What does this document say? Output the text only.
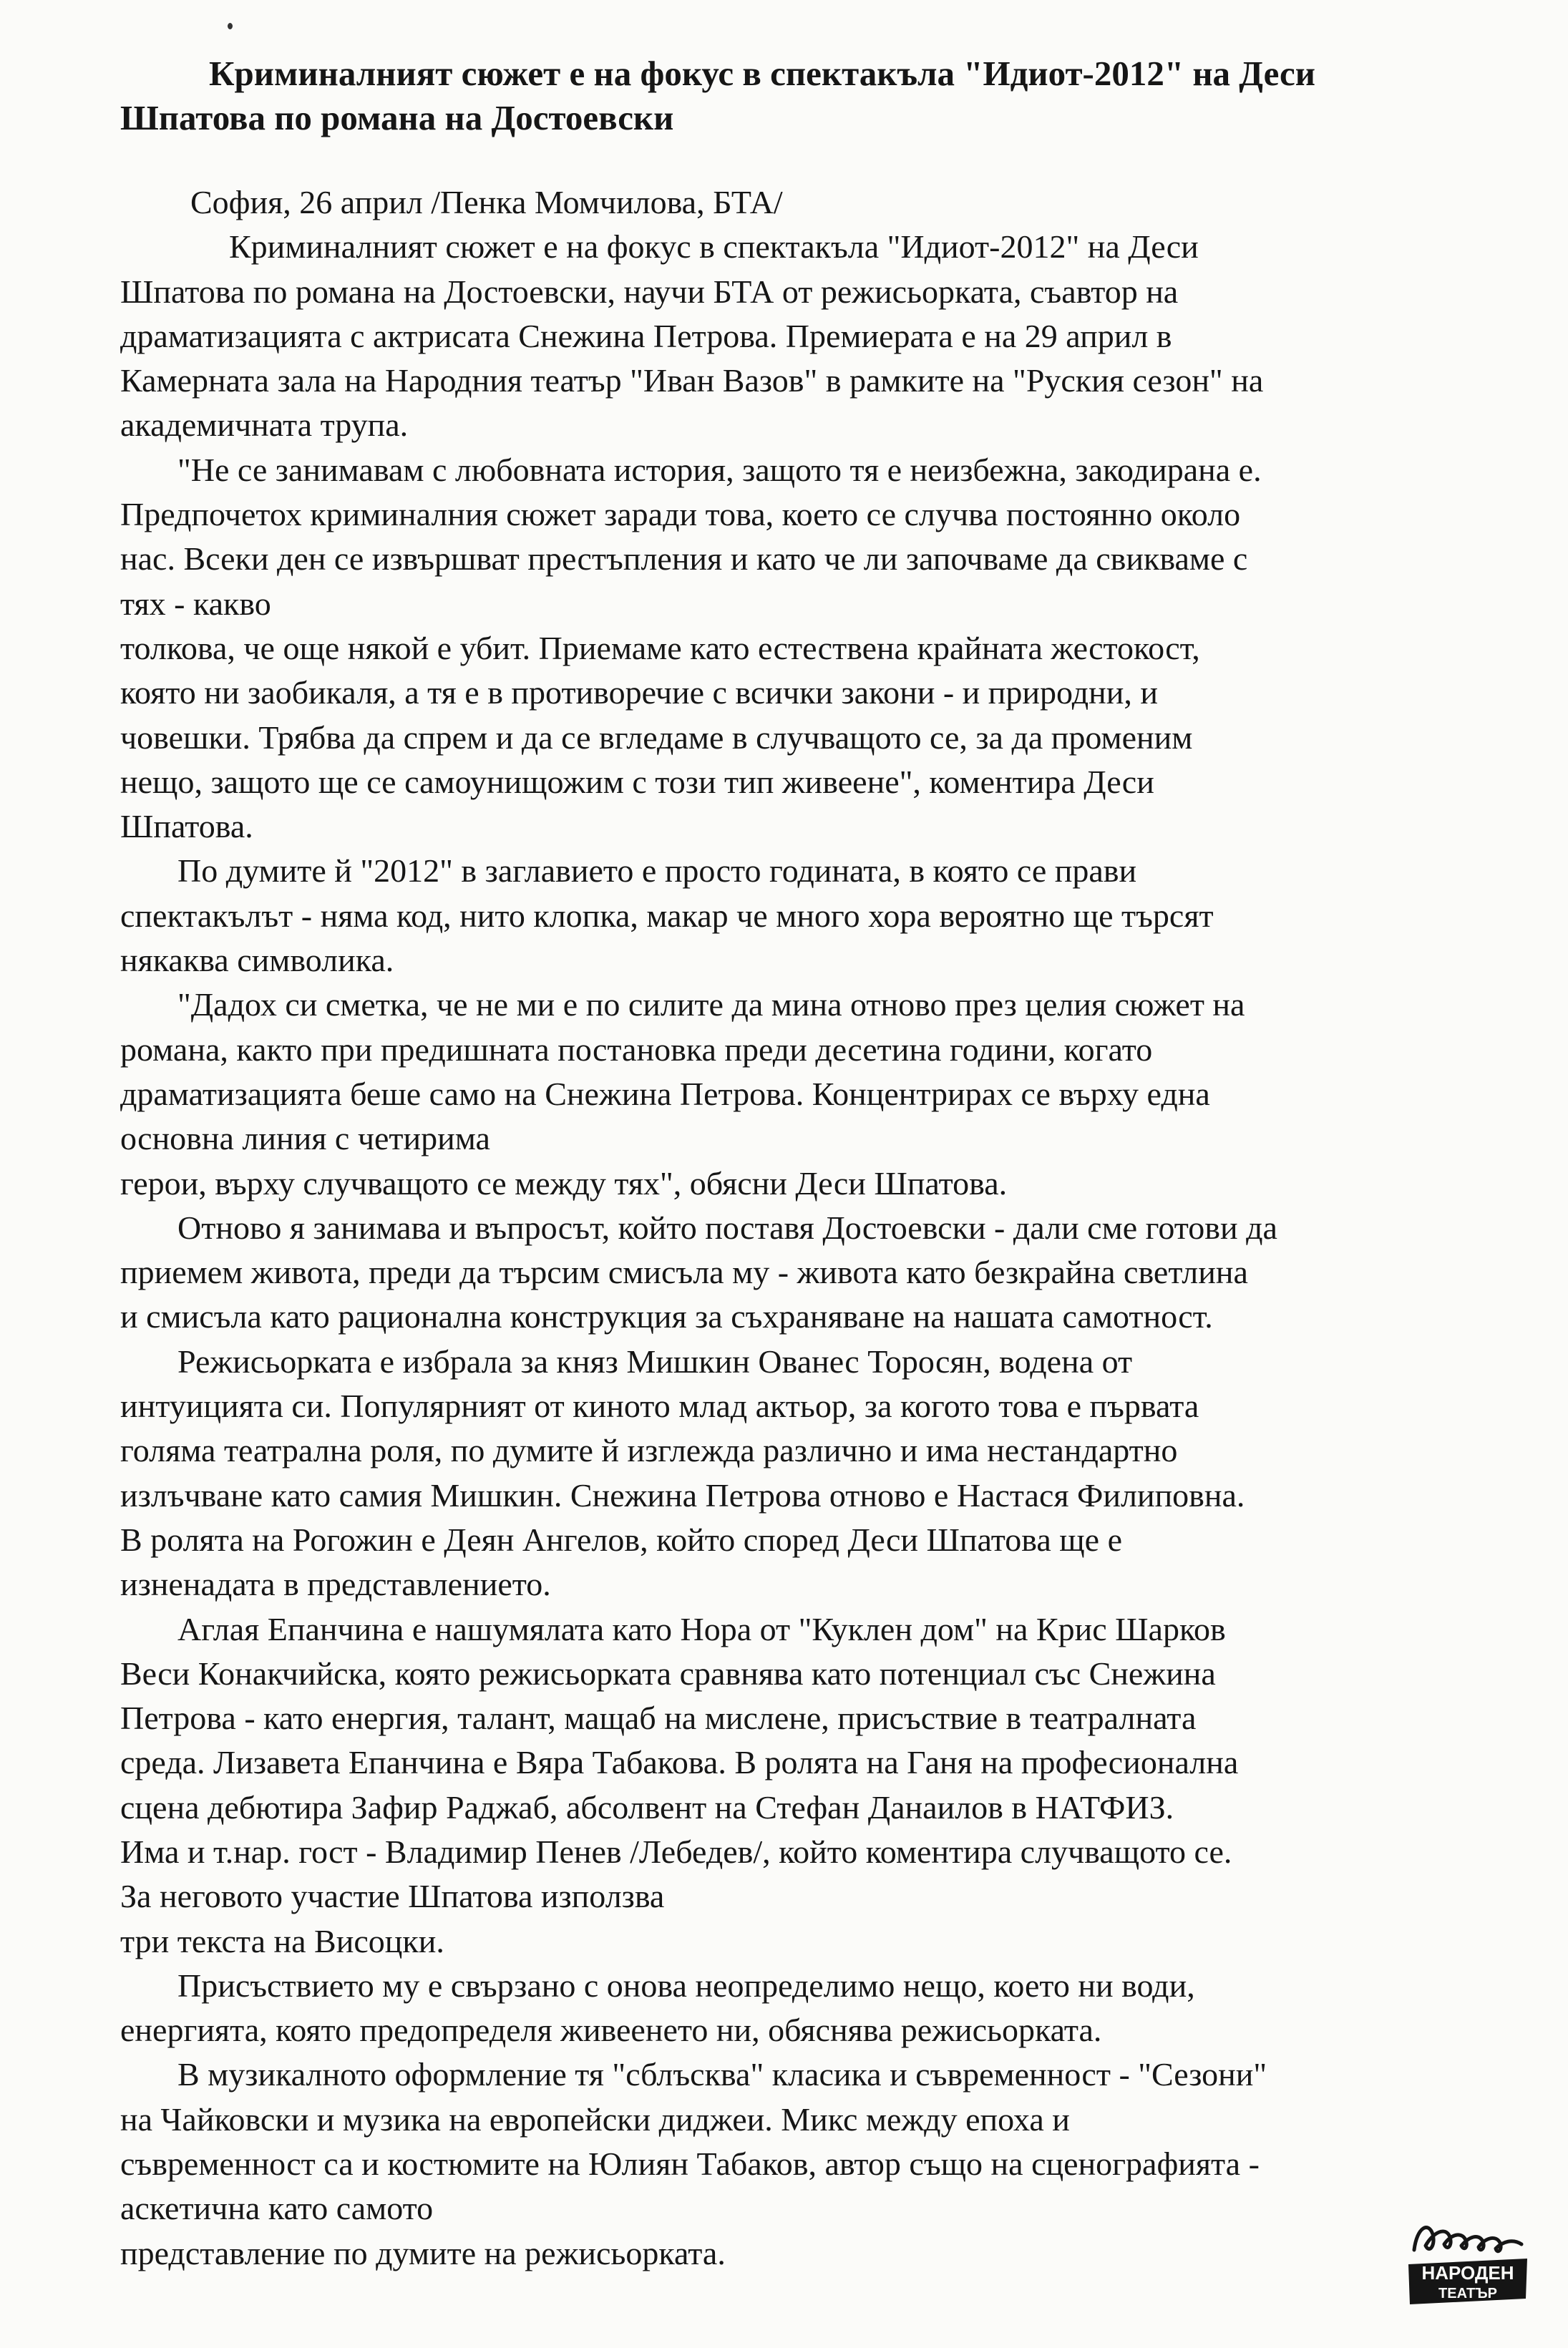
Криминалният сюжет е на фокус в спектакъла "Идиот-2012" на Деси
Шпатова по романа на Достоевски
София, 26 април /Пенка Момчилова, БТА/
Криминалният сюжет е на фокус в спектакъла "Идиот-2012" на Деси
Шпатова по романа на Достоевски, научи БТА от режисьорката, съавтор на
драматизацията с актрисата Снежина Петрова. Премиерата е на 29 април в
Камерната зала на Народния театър "Иван Вазов" в рамките на "Руския сезон" на
академичната трупа.
"Не се занимавам с любовната история, защото тя е неизбежна, закодирана е.
Предпочетох криминалния сюжет заради това, което се случва постоянно около
нас. Всеки ден се извършват престъпления и като че ли започваме да свикваме с
тях - какво
толкова, че още някой е убит. Приемаме като естествена крайната жестокост,
която ни заобикаля, а тя е в противоречие с всички закони - и природни, и
човешки. Трябва да спрем и да се вгледаме в случващото се, за да променим
нещо, защото ще се самоунищожим с този тип живеене", коментира Деси
Шпатова.
По думите й "2012" в заглавието е просто годината, в която се прави
спектакълът - няма код, нито клопка, макар че много хора вероятно ще търсят
някаква символика.
"Дадох си сметка, че не ми е по силите да мина отново през целия сюжет на
романа, както при предишната постановка преди десетина години, когато
драматизацията беше само на Снежина Петрова. Концентрирах се върху една
основна линия с четирима
герои, върху случващото се между тях", обясни Деси Шпатова.
Отново я занимава и въпросът, който поставя Достоевски - дали сме готови да
приемем живота, преди да търсим смисъла му - живота като безкрайна светлина
и смисъла като рационална конструкция за съхраняване на нашата самотност.
Режисьорката е избрала за княз Мишкин Ованес Торосян, водена от
интуицията си. Популярният от киното млад актьор, за когото това е първата
голяма театрална роля, по думите й изглежда различно и има нестандартно
излъчване като самия Мишкин. Снежина Петрова отново е Настася Филиповна.
В ролята на Рогожин е Деян Ангелов, който според Деси Шпатова ще е
изненадата в представлението.
Аглая Епанчина е нашумялата като Нора от "Куклен дом" на Крис Шарков
Веси Конакчийска, която режисьорката сравнява като потенциал със Снежина
Петрова - като енергия, талант, мащаб на мислене, присъствие в театралната
среда. Лизавета Епанчина е Вяра Табакова. В ролята на Ганя на професионална
сцена дебютира Зафир Раджаб, абсолвент на Стефан Данаилов в НАТФИЗ.
Има и т.нар. гост - Владимир Пенев /Лебедев/, който коментира случващото се.
За неговото участие Шпатова използва
три текста на Висоцки.
Присъствието му е свързано с онова неопределимо нещо, което ни води,
енергията, която предопределя живеенето ни, обяснява режисьорката.
В музикалното оформление тя "сблъсква" класика и съвременност - "Сезони"
на Чайковски и музика на европейски диджеи. Микс между епоха и
съвременност са и костюмите на Юлиян Табаков, автор също на сценографията -
аскетична като самото
представление по думите на режисьорката.
НАРОДЕН
ТЕАТЪР
